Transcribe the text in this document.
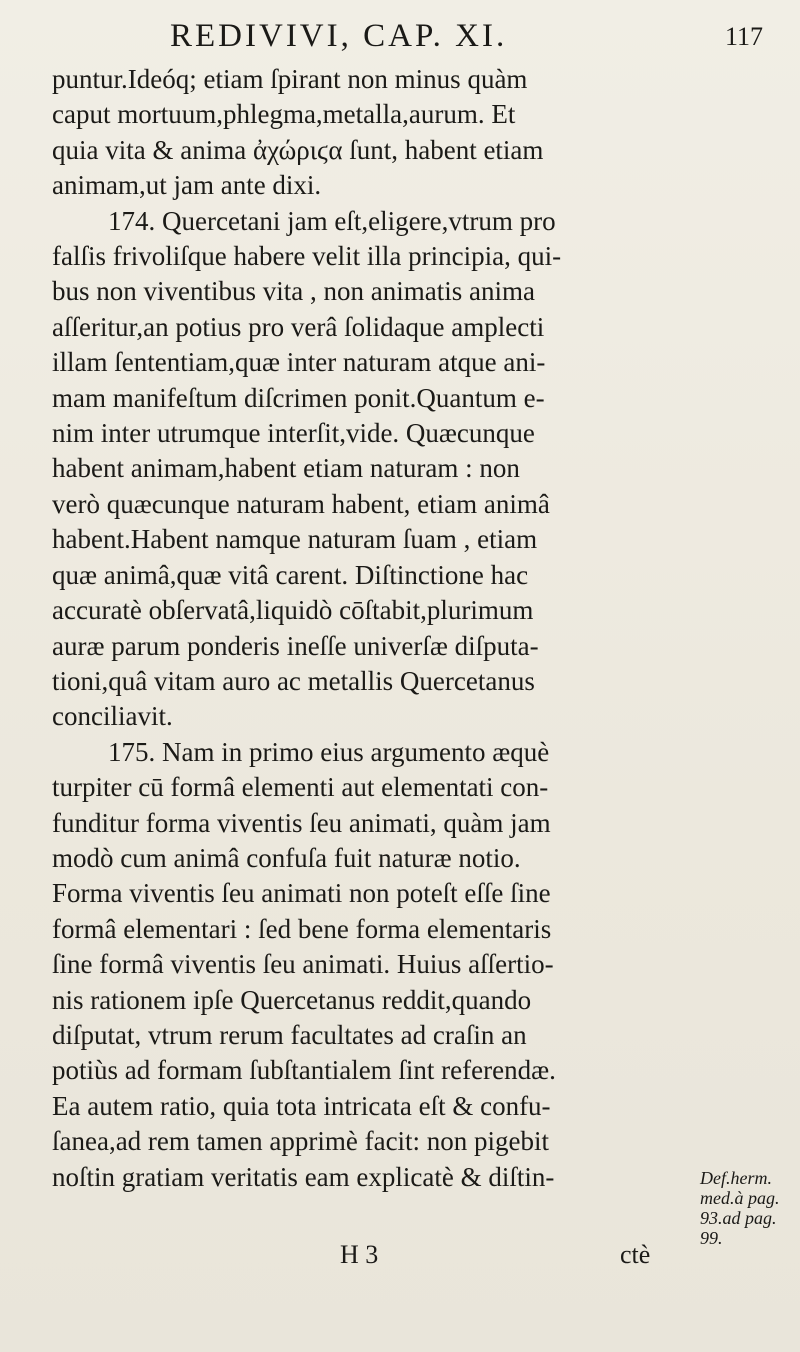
REDIVIVI, CAP. XI.	117
puntur.Ideóq; etiam ſpirant non minus quàm
caput mortuum,phlegma,metalla,aurum. Et
quia vita & anima ἀχώριϛα ſunt, habent etiam
animam,ut jam ante dixi.
174. Quercetani jam eſt,eligere,vtrum pro
falſis frivoliſque habere velit illa principia, qui-
bus non viventibus vita , non animatis anima
aſſeritur,an potius pro verâ ſolidaque amplecti
illam ſententiam,quæ inter naturam atque ani-
mam manifeſtum diſcrimen ponit.Quantum e-
nim inter utrumque interſit,vide. Quæcunque
habent animam,habent etiam naturam : non
verò quæcunque naturam habent, etiam animâ
habent.Habent namque naturam ſuam , etiam
quæ animâ,quæ vitâ carent. Diſtinctione hac
accuratè obſervatâ,liquidò cōſtabit,plurimum
auræ parum ponderis ineſſe univerſæ diſputa-
tioni,quâ vitam auro ac metallis Quercetanus
conciliavit.
175. Nam in primo eius argumento æquè
turpiter cū formâ elementi aut elementati con-
funditur forma viventis ſeu animati, quàm jam
modò cum animâ confuſa fuit naturæ notio.
Forma viventis ſeu animati non poteſt eſſe ſine
formâ elementari : ſed bene forma elementaris
ſine formâ viventis ſeu animati. Huius aſſertio-
nis rationem ipſe Quercetanus reddit,quando
diſputat, vtrum rerum facultates ad craſin an
potiùs ad formam ſubſtantialem ſint referendæ.
Ea autem ratio, quia tota intricata eſt & confu-
ſanea,ad rem tamen apprimè facit: non pigebit
noſtin gratiam veritatis eam explicatè & diſtin-	Def.herm.
med.à pag.
93.ad pag.
99.
H 3	ctè
